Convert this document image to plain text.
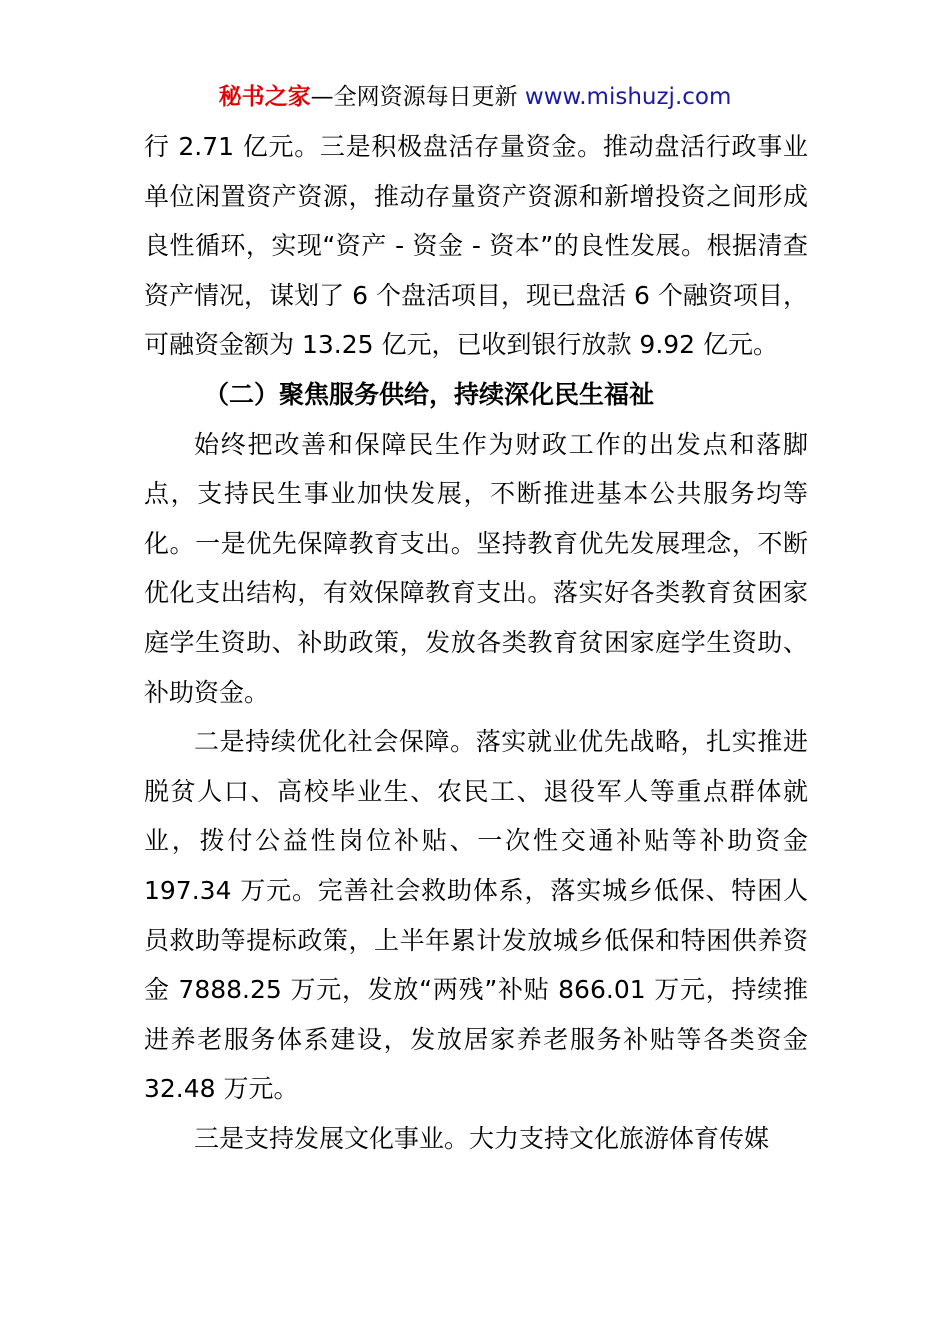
秘书之家—全网资源每日更新 www.mishuzj.com

行 2.71 亿元。三是积极盘活存量资金。推动盘活行政事业单位闲置资产资源，推动存量资产资源和新增投资之间形成良性循环，实现“资产 - 资金 - 资本”的良性发展。根据清查资产情况，谋划了 6 个盘活项目，现已盘活 6 个融资项目，可融资金额为 13.25 亿元，已收到银行放款 9.92 亿元。

（二）聚焦服务供给，持续深化民生福祉

始终把改善和保障民生作为财政工作的出发点和落脚点，支持民生事业加快发展，不断推进基本公共服务均等化。一是优先保障教育支出。坚持教育优先发展理念，不断优化支出结构，有效保障教育支出。落实好各类教育贫困家庭学生资助、补助政策，发放各类教育贫困家庭学生资助、补助资金。

二是持续优化社会保障。落实就业优先战略，扎实推进脱贫人口、高校毕业生、农民工、退役军人等重点群体就业，拨付公益性岗位补贴、一次性交通补贴等补助资金197.34 万元。完善社会救助体系，落实城乡低保、特困人员救助等提标政策，上半年累计发放城乡低保和特困供养资金 7888.25 万元，发放“两残”补贴 866.01 万元，持续推进养老服务体系建设，发放居家养老服务补贴等各类资金 32.48 万元。

三是支持发展文化事业。大力支持文化旅游体育传媒
